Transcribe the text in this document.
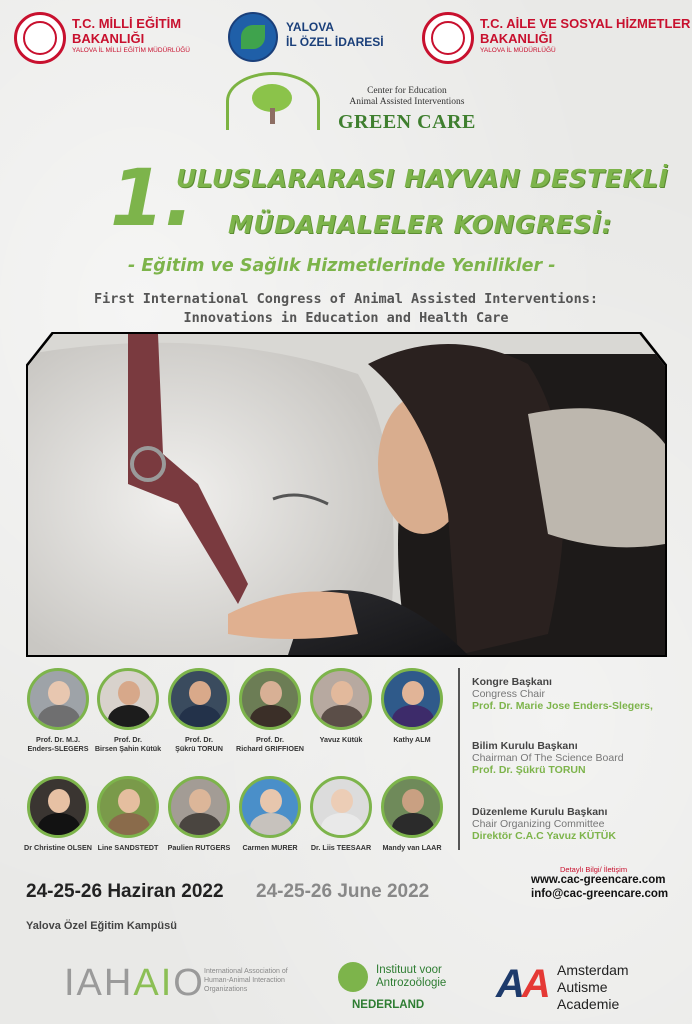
T.C. MİLLİ EĞİTİM
BAKANLIĞI
YALOVA İL MİLLİ EĞİTİM MÜDÜRLÜĞÜ
YALOVA
İL ÖZEL İDARESİ
T.C. AİLE VE SOSYAL HİZMETLER
BAKANLIĞI
YALOVA İL MÜDÜRLÜĞÜ
Center for Education
Animal Assisted Interventions
GREEN CARE
1.
ULUSLARARASI HAYVAN DESTEKLİ
MÜDAHALELER KONGRESİ:
- Eğitim ve Sağlık Hizmetlerinde Yenilikler -
First International Congress of Animal Assisted Interventions:
Innovations in Education and Health Care
Prof. Dr. M.J.
Enders-SLEGERS
Prof. Dr.
Birsen Şahin Kütük
Prof. Dr.
Şükrü TORUN
Prof. Dr.
Richard GRIFFIOEN
Yavuz Kütük	Kathy ALM
Dr Christine OLSEN Line SANDSTEDT	Paulien RUTGERS	Carmen MURER	Dr. Liis TEESAAR	Mandy van LAAR
Kongre Başkanı
Congress Chair
Prof. Dr. Marie Jose Enders-Slegers,
Bilim Kurulu Başkanı
Chairman Of The Science Board
Prof. Dr. Şükrü TORUN
Düzenleme Kurulu Başkanı
Chair Organizing Committee
Direktör C.A.C Yavuz KÜTÜK
24-25-26 Haziran 2022 24-25-26 June 2022
Yalova Özel Eğitim Kampüsü
Detaylı Bilgi/ İletişim
www.cac-greencare.com
info@cac-greencare.com
IAHAIO International Association of
Human-Animal Interaction
Organizations
Instituut voor
Antrozoölogie
NEDERLAND AA Amsterdam
Autisme
Academie
